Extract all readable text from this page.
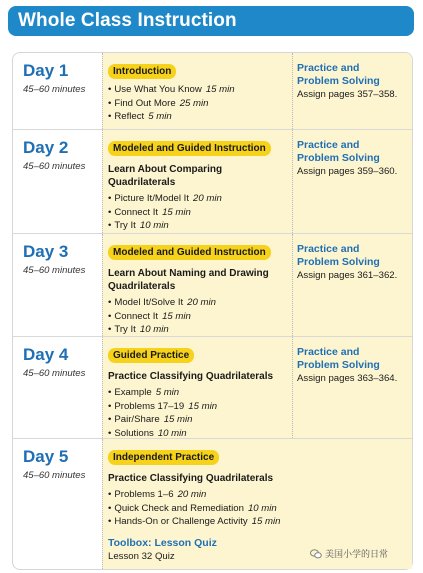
Whole Class Instruction
Day 1
45–60 minutes
Introduction
• Use What You Know 15 min
• Find Out More 25 min
• Reflect 5 min
Practice and
Problem Solving
Assign pages 357–358.
Day 2
45–60 minutes
Modeled and Guided Instruction
Learn About Comparing Quadrilaterals
• Picture It/Model It 20 min
• Connect It 15 min
• Try It 10 min
Practice and
Problem Solving
Assign pages 359–360.
Day 3
45–60 minutes
Modeled and Guided Instruction
Learn About Naming and Drawing Quadrilaterals
• Model It/Solve It 20 min
• Connect It 15 min
• Try It 10 min
Practice and
Problem Solving
Assign pages 361–362.
Day 4
45–60 minutes
Guided Practice
Practice Classifying Quadrilaterals
• Example 5 min
• Problems 17–19 15 min
• Pair/Share 15 min
• Solutions 10 min
Practice and
Problem Solving
Assign pages 363–364.
Day 5
45–60 minutes
Independent Practice
Practice Classifying Quadrilaterals
• Problems 1–6 20 min
• Quick Check and Remediation 10 min
• Hands-On or Challenge Activity 15 min
Toolbox: Lesson Quiz
Lesson 32 Quiz	美国小学的日常
